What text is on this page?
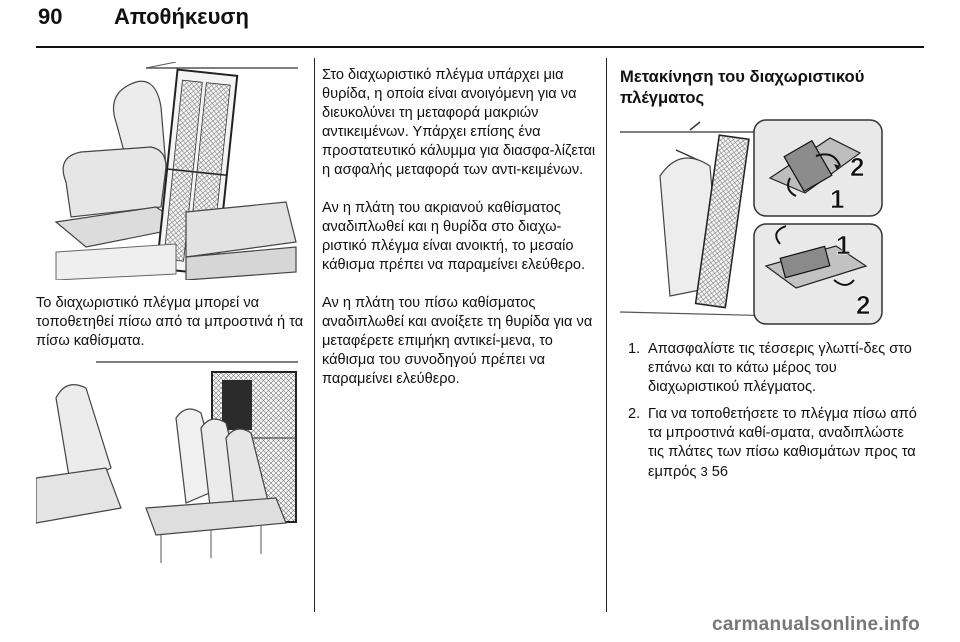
90 Αποθήκευση

Το διαχωριστικό πλέγμα μπορεί να τοποθετηθεί πίσω από τα μπροστινά ή τα πίσω καθίσματα.

Στο διαχωριστικό πλέγμα υπάρχει μια θυρίδα, η οποία είναι ανοιγόμενη για να διευκολύνει τη μεταφορά μακριών αντικειμένων. Υπάρχει επίσης ένα προστατευτικό κάλυμμα για διασφα-λίζεται η ασφαλής μεταφορά των αντι-κειμένων.

Αν η πλάτη του ακριανού καθίσματος αναδιπλωθεί και η θυρίδα στο διαχω-ριστικό πλέγμα είναι ανοικτή, το μεσαίο κάθισμα πρέπει να παραμείνει ελεύθερο.

Αν η πλάτη του πίσω καθίσματος αναδιπλωθεί και ανοίξετε τη θυρίδα για να μεταφέρετε επιμήκη αντικεί-μενα, το κάθισμα του συνοδηγού πρέπει να παραμείνει ελεύθερο.

Μετακίνηση του διαχωριστικού πλέγματος
2
1
1
2
1. Απασφαλίστε τις τέσσερις γλωττί-δες στο επάνω και το κάτω μέρος του διαχωριστικού πλέγματος.
2. Για να τοποθετήσετε το πλέγμα πίσω από τα μπροστινά καθί-σματα, αναδιπλώστε τις πλάτες των πίσω καθισμάτων προς τα εμπρός 3 56
carmanualsonline.info
